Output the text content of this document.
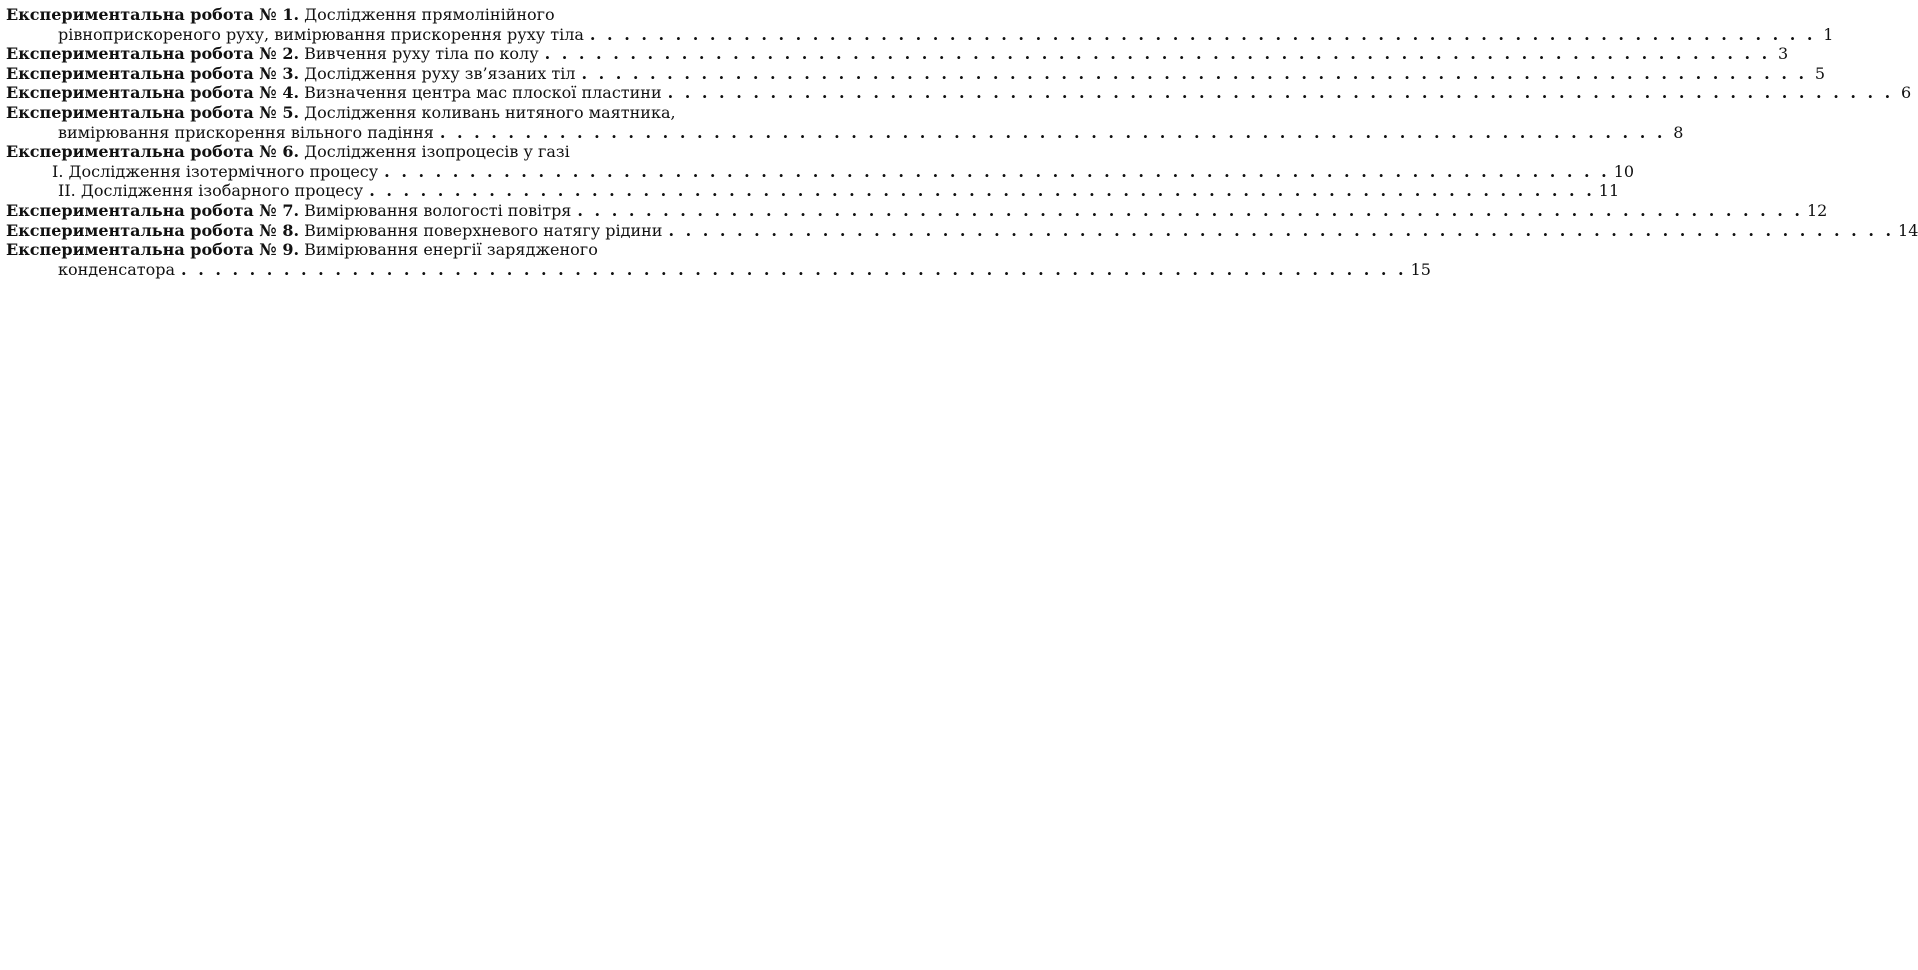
Експериментальна робота № 1. Дослідження прямолінійного
рівноприскореного руху, вимірювання прискорення руху тіла . . . . . . . . . . . . . . . . . . . . . . . . . . . . . . . . . . . . . . . . . . . . . . . . . . . . . . . . . . . . . . . . . . . . . . . . 1
Експериментальна робота № 2. Вивчення руху тіла по колу . . . . . . . . . . . . . . . . . . . . . . . . . . . . . . . . . . . . . . . . . . . . . . . . . . . . . . . . . . . . . . . . . . . . . . . . 3
Експериментальна робота № 3. Дослідження руху зв’язаних тіл . . . . . . . . . . . . . . . . . . . . . . . . . . . . . . . . . . . . . . . . . . . . . . . . . . . . . . . . . . . . . . . . . . . . . . . . 5
Експериментальна робота № 4. Визначення центра мас плоскої пластини . . . . . . . . . . . . . . . . . . . . . . . . . . . . . . . . . . . . . . . . . . . . . . . . . . . . . . . . . . . . . . . . . . . . . . . . 6
Експериментальна робота № 5. Дослідження коливань нитяного маятника,
вимірювання прискорення вільного падіння . . . . . . . . . . . . . . . . . . . . . . . . . . . . . . . . . . . . . . . . . . . . . . . . . . . . . . . . . . . . . . . . . . . . . . . . 8
Експериментальна робота № 6. Дослідження ізопроцесів у газі
І. Дослідження ізотермічного процесу . . . . . . . . . . . . . . . . . . . . . . . . . . . . . . . . . . . . . . . . . . . . . . . . . . . . . . . . . . . . . . . . . . . . . . . . 10
ІІ. Дослідження ізобарного процесу . . . . . . . . . . . . . . . . . . . . . . . . . . . . . . . . . . . . . . . . . . . . . . . . . . . . . . . . . . . . . . . . . . . . . . . . 11
Експериментальна робота № 7. Вимірювання вологості повітря . . . . . . . . . . . . . . . . . . . . . . . . . . . . . . . . . . . . . . . . . . . . . . . . . . . . . . . . . . . . . . . . . . . . . . . . 12
Експериментальна робота № 8. Вимірювання поверхневого натягу рідини . . . . . . . . . . . . . . . . . . . . . . . . . . . . . . . . . . . . . . . . . . . . . . . . . . . . . . . . . . . . . . . . . . . . . . . . 14
Експериментальна робота № 9. Вимірювання енергії зарядженого
конденсатора . . . . . . . . . . . . . . . . . . . . . . . . . . . . . . . . . . . . . . . . . . . . . . . . . . . . . . . . . . . . . . . . . . . . . . . . 15
